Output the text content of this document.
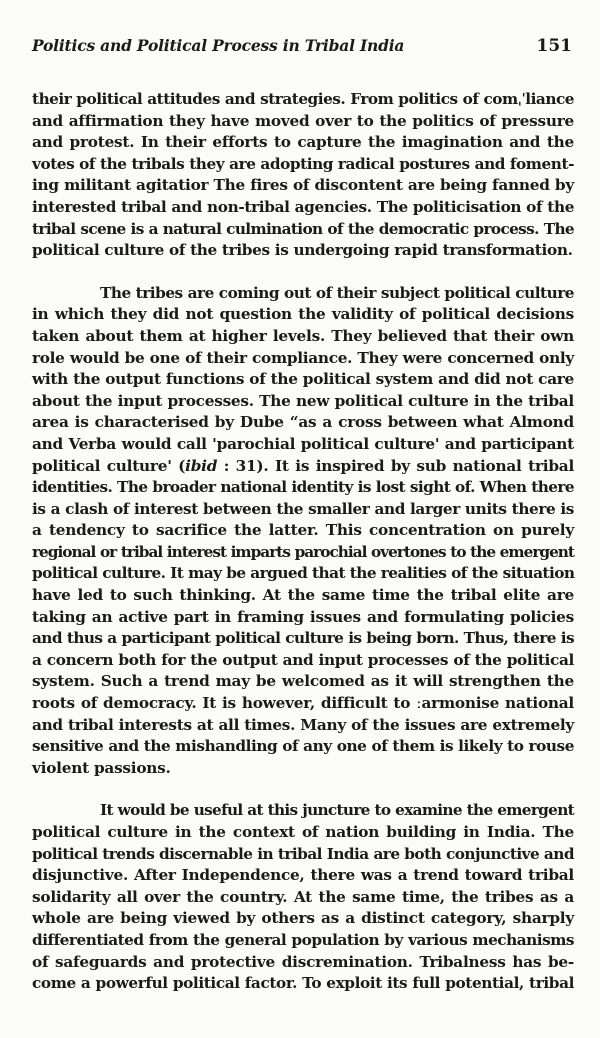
Politics and Political Process in Tribal India	151

their political attitudes and strategies. From politics of comˌˈliance
and affirmation they have moved over to the politics of pressure
and protest. In their efforts to capture the imagination and the
votes of the tribals they are adopting radical postures and foment-
ing militant agitatior The fires of discontent are being fanned by
interested tribal and non-tribal agencies. The politicisation of the
tribal scene is a natural culmination of the democratic process. The
political culture of the tribes is undergoing rapid transformation.

The tribes are coming out of their subject political culture
in which they did not question the validity of political decisions
taken about them at higher levels. They believed that their own
role would be one of their compliance. They were concerned only
with the output functions of the political system and did not care
about the input processes. The new political culture in the tribal
area is characterised by Dube “as a cross between what Almond
and Verba would call 'parochial political culture' and participant
political culture' (ibid : 31). It is inspired by sub national tribal
identities. The broader national identity is lost sight of. When there
is a clash of interest between the smaller and larger units there is
a tendency to sacrifice the latter. This concentration on purely
regional or tribal interest imparts parochial overtones to the emergent
political culture. It may be argued that the realities of the situation
have led to such thinking. At the same time the tribal elite are
taking an active part in framing issues and formulating policies
and thus a participant political culture is being born. Thus, there is
a concern both for the output and input processes of the political
system. Such a trend may be welcomed as it will strengthen the
roots of democracy. It is however, difficult to ːarmonise national
and tribal interests at all times. Many of the issues are extremely
sensitive and the mishandling of any one of them is likely to rouse
violent passions.

It would be useful at this juncture to examine the emergent
political culture in the context of nation building in India. The
political trends discernable in tribal India are both conjunctive and
disjunctive. After Independence, there was a trend toward tribal
solidarity all over the country. At the same time, the tribes as a
whole are being viewed by others as a distinct category, sharply
differentiated from the general population by various mechanisms
of safeguards and protective discremination. Tribalness has be-
come a powerful political factor. To exploit its full potential, tribal
